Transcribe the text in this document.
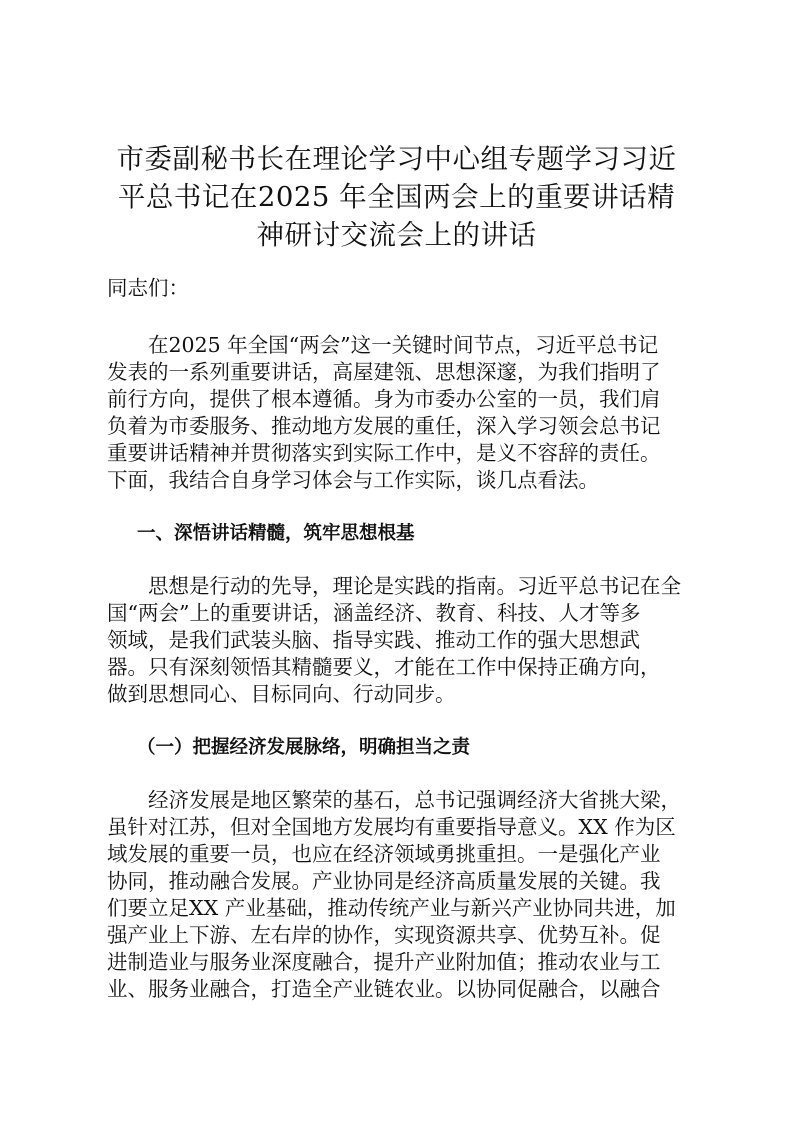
市委副秘书长在理论学习中心组专题学习习近
平总书记在2025 年全国两会上的重要讲话精
神研讨交流会上的讲话
同志们：
在2025 年全国“两会”这一关键时间节点，习近平总书记
发表的一系列重要讲话，高屋建瓴、思想深邃，为我们指明了
前行方向，提供了根本遵循。身为市委办公室的一员，我们肩
负着为市委服务、推动地方发展的重任，深入学习领会总书记
重要讲话精神并贯彻落实到实际工作中，是义不容辞的责任。
下面，我结合自身学习体会与工作实际，谈几点看法。
一、深悟讲话精髓，筑牢思想根基
思想是行动的先导，理论是实践的指南。习近平总书记在全
国“两会”上的重要讲话，涵盖经济、教育、科技、人才等多
领域，是我们武装头脑、指导实践、推动工作的强大思想武
器。只有深刻领悟其精髓要义，才能在工作中保持正确方向，
做到思想同心、目标同向、行动同步。
（一）把握经济发展脉络，明确担当之责
经济发展是地区繁荣的基石，总书记强调经济大省挑大梁，
虽针对江苏，但对全国地方发展均有重要指导意义。XX 作为区
域发展的重要一员，也应在经济领域勇挑重担。一是强化产业
协同，推动融合发展。产业协同是经济高质量发展的关键。我
们要立足XX 产业基础，推动传统产业与新兴产业协同共进，加
强产业上下游、左右岸的协作，实现资源共享、优势互补。促
进制造业与服务业深度融合，提升产业附加值；推动农业与工
业、服务业融合，打造全产业链农业。以协同促融合，以融合
